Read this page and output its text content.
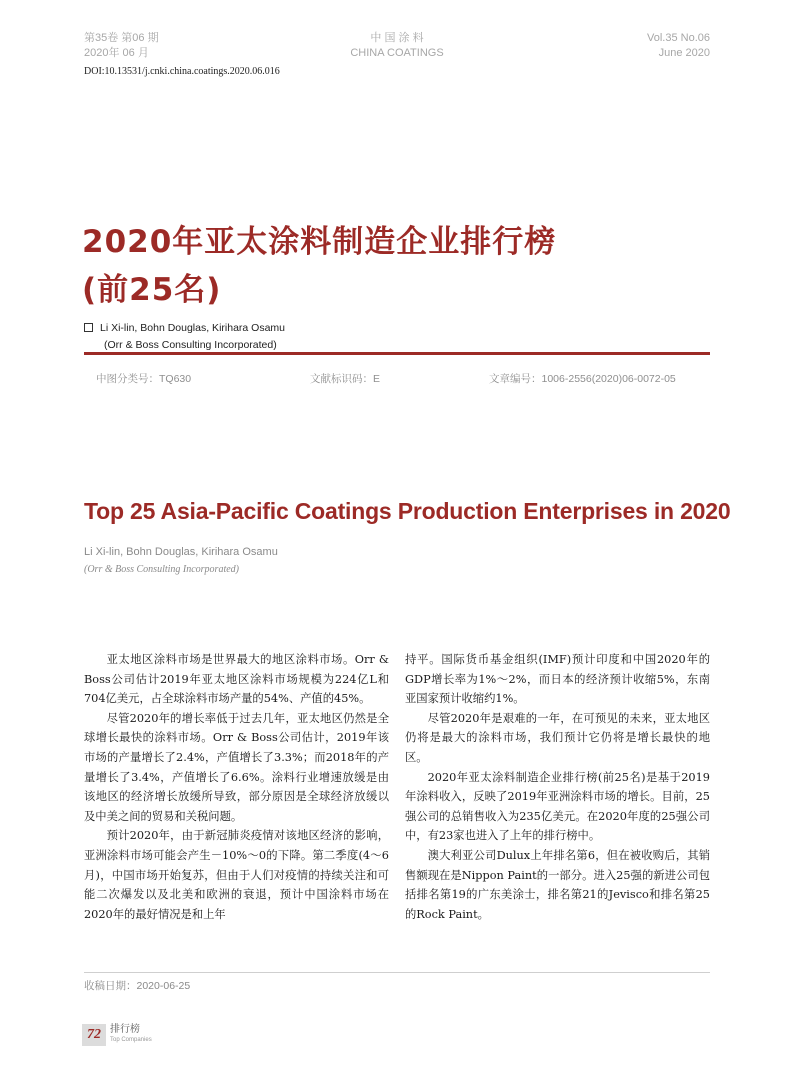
第35卷 第06 期
2020年 06 月
中 国 涂 料
CHINA COATINGS
Vol.35 No.06
June 2020
DOI:10.13531/j.cnki.china.coatings.2020.06.016
2020年亚太涂料制造企业排行榜
(前25名)
Li Xi-lin, Bohn Douglas, Kirihara Osamu
(Orr & Boss Consulting Incorporated)
中图分类号：TQ630	文献标识码：E	文章编号：1006-2556(2020)06-0072-05
Top 25 Asia-Pacific Coatings Production Enterprises in 2020
Li Xi-lin, Bohn Douglas, Kirihara Osamu
(Orr & Boss Consulting Incorporated)

亚太地区涂料市场是世界最大的地区涂料市场。Orr & Boss公司估计2019年亚太地区涂料市场规模为224亿L和704亿美元，占全球涂料市场产量的54%、产值的45%。

尽管2020年的增长率低于过去几年，亚太地区仍然是全球增长最快的涂料市场。Orr & Boss公司估计，2019年该市场的产量增长了2.4%，产值增长了3.3%；而2018年的产量增长了3.4%，产值增长了6.6%。涂料行业增速放缓是由该地区的经济增长放缓所导致，部分原因是全球经济放缓以及中美之间的贸易和关税问题。

预计2020年，由于新冠肺炎疫情对该地区经济的影响，亚洲涂料市场可能会产生－10%～0的下降。第二季度(4～6月)，中国市场开始复苏，但由于人们对疫情的持续关注和可能二次爆发以及北美和欧洲的衰退，预计中国涂料市场在2020年的最好情况是和上年

持平。国际货币基金组织(IMF)预计印度和中国2020年的GDP增长率为1%～2%，而日本的经济预计收缩5%，东南亚国家预计收缩约1%。

尽管2020年是艰难的一年，在可预见的未来，亚太地区仍将是最大的涂料市场，我们预计它仍将是增长最快的地区。

2020年亚太涂料制造企业排行榜(前25名)是基于2019年涂料收入，反映了2019年亚洲涂料市场的增长。目前，25强公司的总销售收入为235亿美元。在2020年度的25强公司中，有23家也进入了上年的排行榜中。

澳大利亚公司Dulux上年排名第6，但在被收购后，其销售额现在是Nippon Paint的一部分。进入25强的新进公司包括排名第19的广东美涂士，排名第21的Jevisco和排名第25的Rock Paint。

收稿日期：2020-06-25
72 排行榜
Top Companies
